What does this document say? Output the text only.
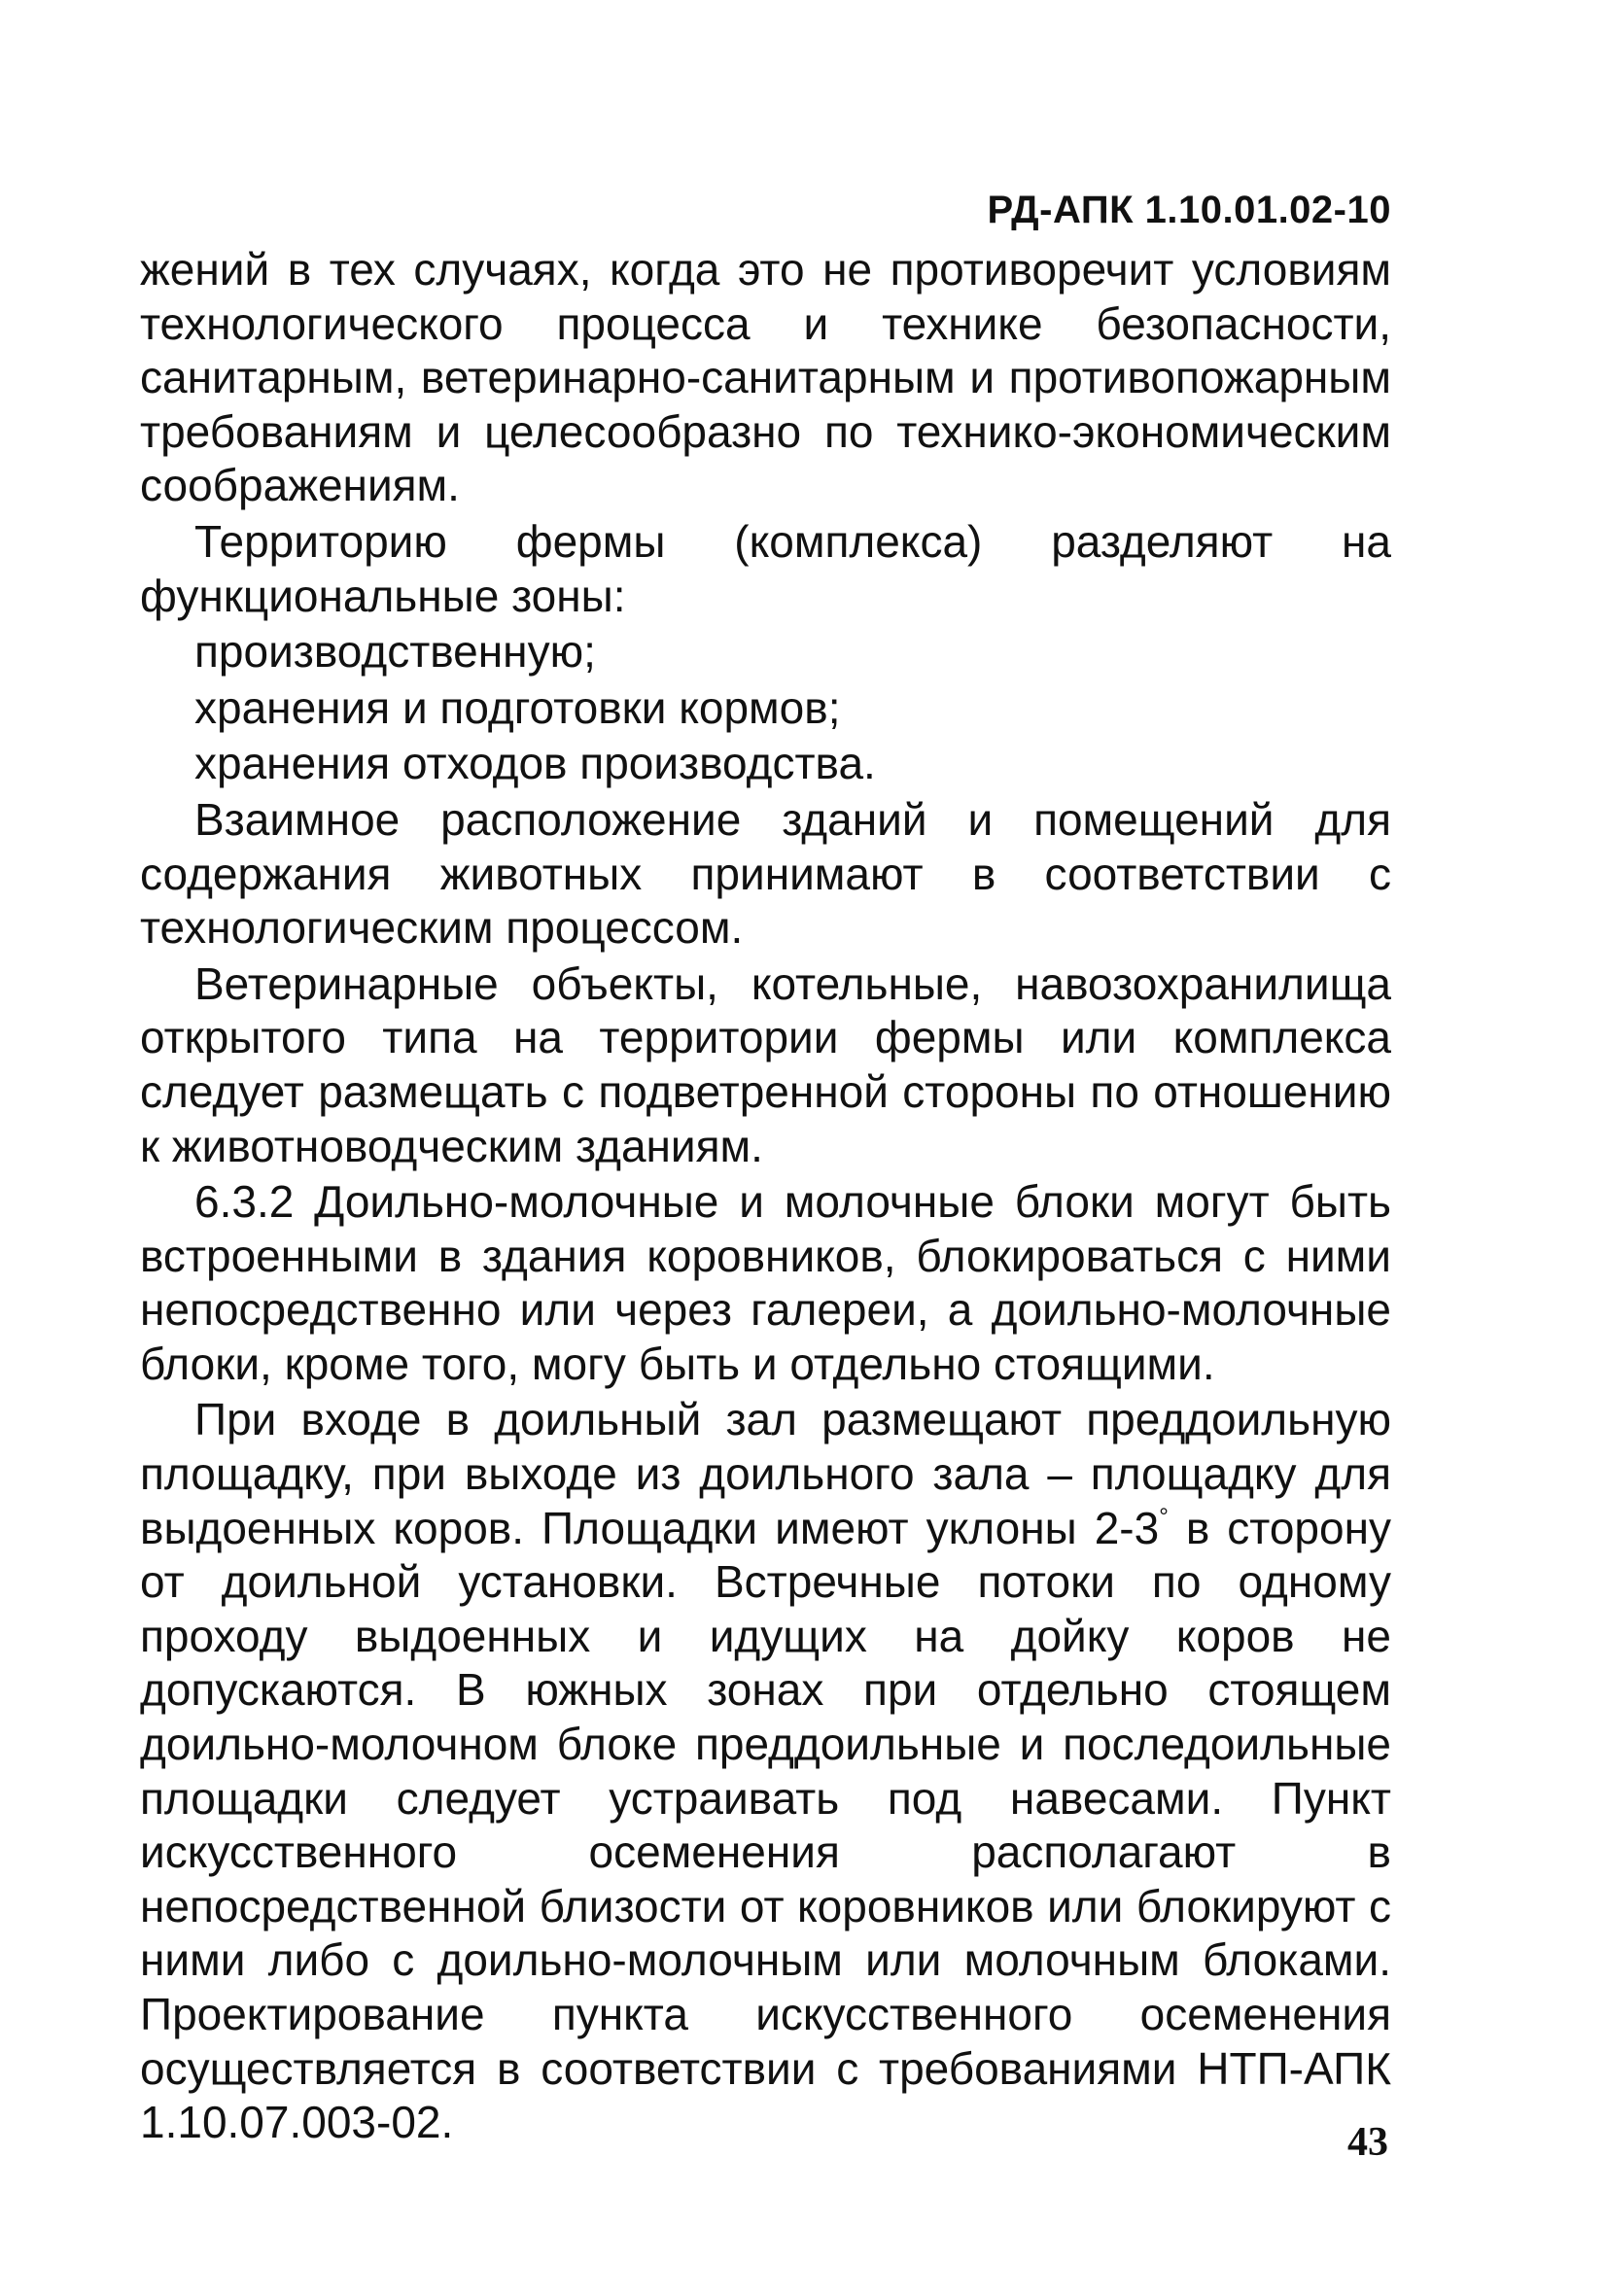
РД-АПК 1.10.01.02-10

жений в тех случаях, когда это не противоречит условиям технологического процесса и технике безопасности, санитарным, ветеринарно-санитарным и противопожарным требованиям и целесообразно по технико-экономическим соображениям.

Территорию фермы (комплекса) разделяют на функциональные зоны:

производственную;

хранения и подготовки кормов;

хранения отходов производства.

Взаимное расположение зданий и помещений для содержания животных принимают в соответствии с технологическим процессом.

Ветеринарные объекты, котельные, навозохранилища открытого типа на территории фермы или комплекса следует размещать с подветренной стороны по отношению к животноводческим зданиям.

6.3.2 Доильно-молочные и молочные блоки могут быть встроенными в здания коровников, блокироваться с ними непосредственно или через галереи, а доильно-молочные блоки, кроме того, могу быть и отдельно стоящими.

При входе в доильный зал размещают преддоильную площадку, при выходе из доильного зала – площадку для выдоенных коров. Площадки имеют уклоны 2-3° в сторону от доильной установки. Встречные потоки по одному проходу выдоенных и идущих на дойку коров не допускаются. В южных зонах при отдельно стоящем доильно-молочном блоке преддоильные и последоильные площадки следует устраивать под навесами. Пункт искусственного осеменения располагают в непосредственной близости от коровников или блокируют с ними либо с доильно-молочным или молочным блоками. Проектирование пункта искусственного осеменения осуществляется в соответствии с требованиями НТП-АПК 1.10.07.003-02.	43
